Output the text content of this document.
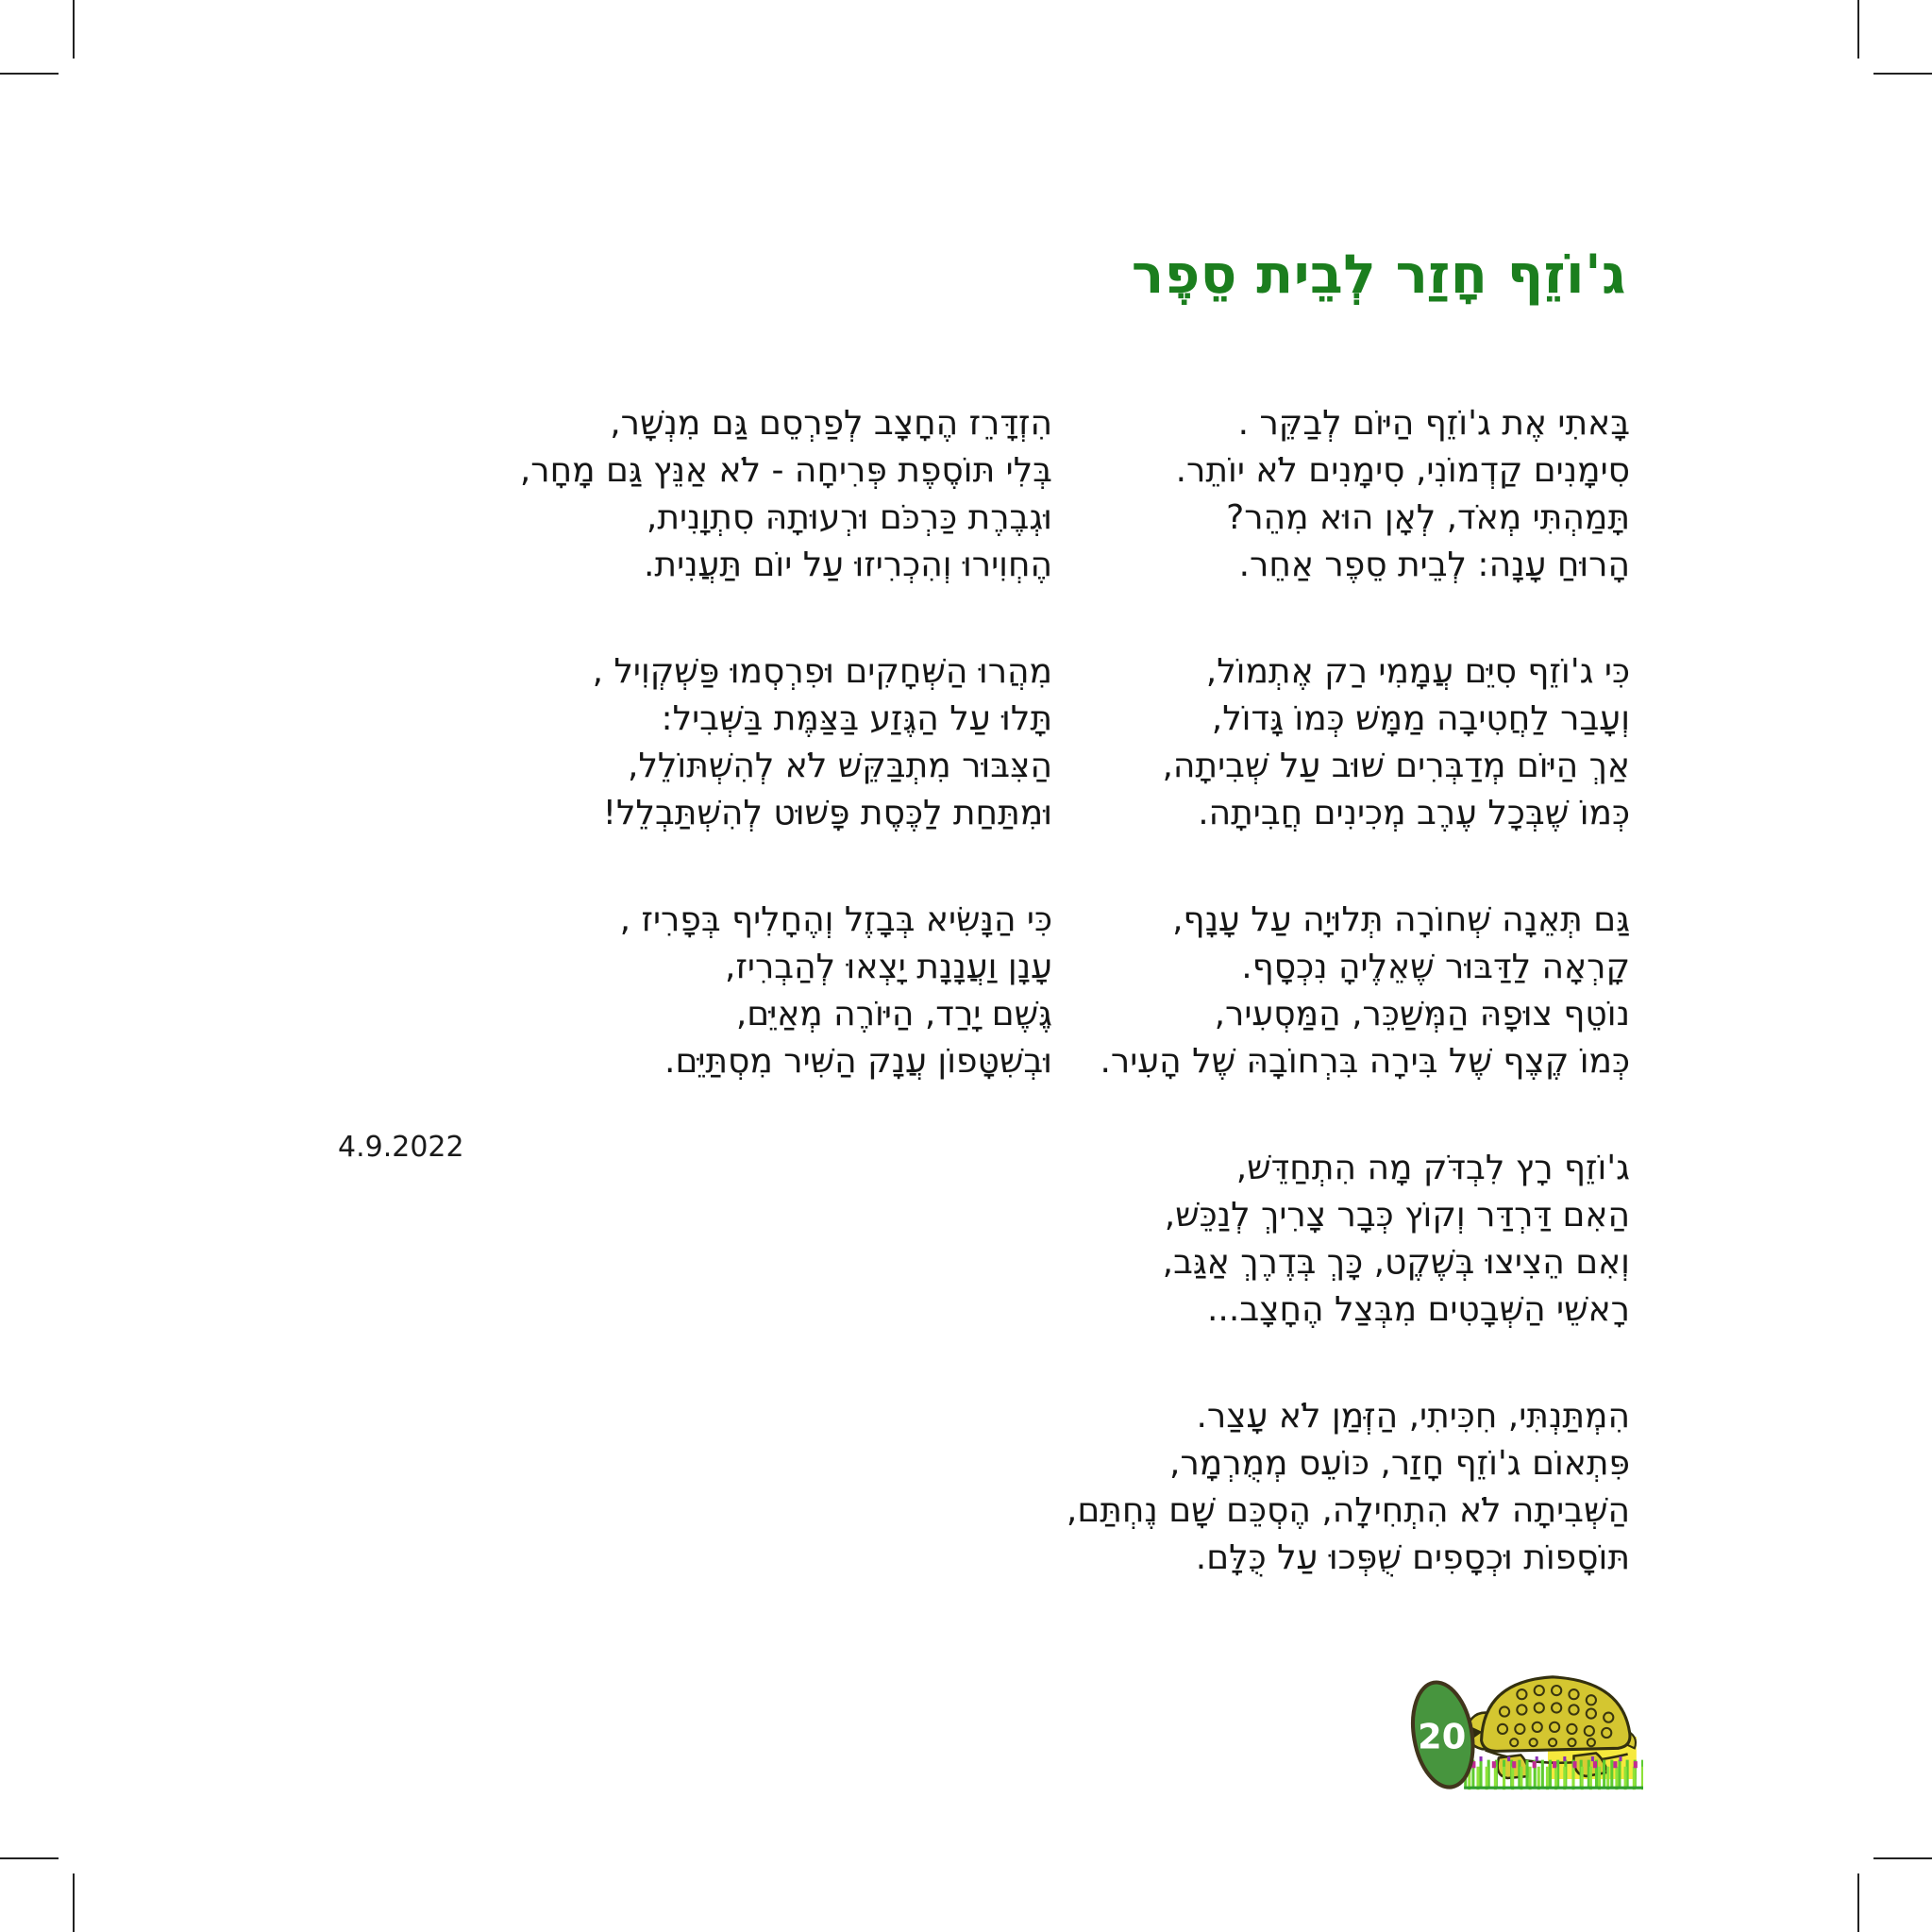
ג'וֹזֵף חָזַר לְבֵית סֵפֶר
בָּאתִי אֶת ג'וֹזֵף הַיּוֹם לְבַקֵּר .
סִימָנִים קַדְמוֹנִי, סִימָנִים לֹא יוֹתֵר.
תָּמַהְתִּי מְאֹד, לְאָן הוּא מִהֵר?
הָרוּחַ עָנָה: לְבֵית סֵפֶר אַחֵר.
כִּי ג'וֹזֵף סִיֵּם עֲמָמִי רַק אֶתְמוֹל,
וְעָבַר לַחֲטִיבָה מַמָּשׁ כְּמוֹ גָּדוֹל,
אַךְ הַיּוֹם מְדַבְּרִים שׁוּב עַל שְׁבִיתָה,
כְּמוֹ שֶׁבְּכָל עֶרֶב מְכִינִים חֲבִיתָה.
גַּם תְּאֵנָה שְׁחוֹרָה תְּלוּיָה עַל עָנָף,
קָרְאָה לַדַּבּוּר שֶׁאֵלֶיהָ נִכְסָף.
נוֹטֵף צוּפָהּ הַמְּשַׁכֵּר, הַמַּסְעִיר,
כְּמוֹ קֶצֶף שֶׁל בִּירָה בִּרְחוֹבָהּ שֶׁל הָעִיר.
ג'וֹזֵף רָץ לִבְדֹּק מָה הִתְחַדֵּשׁ,
הַאִם דַּרְדַּר וְקוֹץ כְּבָר צָרִיךְ לְנַכֵּשׁ,
וְאִם הֵצִיצוּ בְּשֶׁקֶט, כָּךְ בְּדֶרֶךְ אַגַּב,
רָאשֵׁי הַשְּׁבָטִים מִבְּצַל הֶחָצָב...
הִמְתַּנְתִּי, חִכִּיתִי, הַזְּמַן לֹא עָצַר.
פִּתְאוֹם ג'וֹזֵף חָזַר, כּוֹעֵס מְמֻרְמָר,
הַשְּׁבִיתָה לֹא הִתְחִילָה, הֶסְכֵּם שָׁם נֶחְתַּם,
תּוֹסָפוֹת וּכְסָפִים שֻׁפְּכוּ עַל כֻּלָּם.
הִזְדָּרֵז הֶחָצָב לְפַרְסֵם גַּם מִנְשָׁר,
בְּלִי תּוֹסֶפֶת פְּרִיחָה - לֹא אַנֵּץ גַּם מָחָר,
וּגְבֶרֶת כַּרְכֹּם וּרְעוּתָהּ סִתְוָנִית,
הֶחְוִירוּ וְהִכְרִיזוּ עַל יוֹם תַּעֲנִית.
מִהֲרוּ הַשְּׁחָקִים וּפִרְסְמוּ פַּשְׁקְוִיל ,
תָּלוּ עַל הַגֶּזַע בַּצַּמֶּת בַּשְּׁבִיל:
הַצִּבּוּר מִתְבַּקֵּשׁ לֹא לְהִשְׁתּוֹלֵל,
וּמִתַּחַת לַכֶּסֶת פָּשׁוּט לְהִשְׁתַּבְלֵל!
כִּי הַנָּשִׂיא בְּבָזֶל וְהֶחָלִיף בְּפָרִיז ,
עָנָן וַעֲנָנָת יָצְאוּ לְהַבְרִיז,
גֶּשֶׁם יָרַד, הַיּוֹרֶה מְאַיֵּם,
וּבְשִׁטָּפוֹן עֲנָק הַשִּׁיר מִסְתַּיֵּם.
4.9.2022
20
